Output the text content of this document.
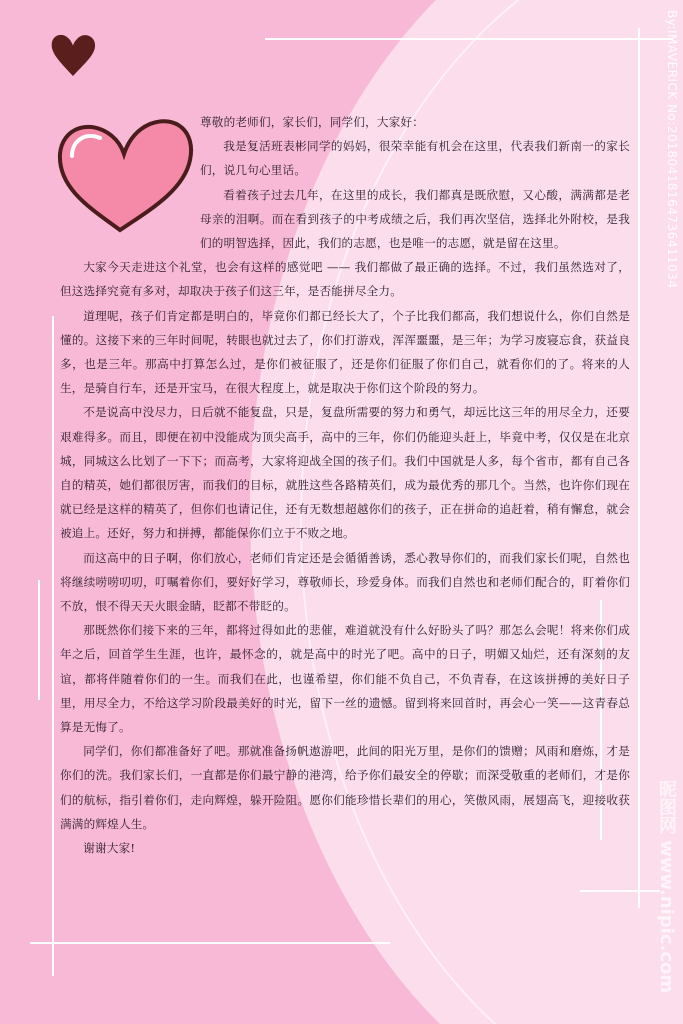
尊敬的老师们，家长们，同学们，大家好：

我是复活班表彬同学的妈妈，很荣幸能有机会在这里，代表我们新南一的家长们，说几句心里话。

看着孩子过去几年，在这里的成长，我们都真是既欣慰，又心酸，满满都是老母亲的泪啊。而在看到孩子的中考成绩之后，我们再次坚信，选择北外附校，是我们的明智选择，因此，我们的志愿，也是唯一的志愿，就是留在这里。

大家今天走进这个礼堂，也会有这样的感觉吧 —— 我们都做了最正确的选择。不过，我们虽然选对了，但这选择究竟有多对，却取决于孩子们这三年，是否能拼尽全力。

道理呢，孩子们肯定都是明白的，毕竟你们都已经长大了，个子比我们都高，我们想说什么，你们自然是懂的。这接下来的三年时间呢，转眼也就过去了，你们打游戏，浑浑噩噩，是三年；为学习废寝忘食，获益良多，也是三年。那高中打算怎么过，是你们被征服了，还是你们征服了你们自己，就看你们的了。将来的人生，是骑自行车，还是开宝马，在很大程度上，就是取决于你们这个阶段的努力。

不是说高中没尽力，日后就不能复盘，只是，复盘所需要的努力和勇气，却远比这三年的用尽全力，还要艰难得多。而且，即便在初中没能成为顶尖高手，高中的三年，你们仍能迎头赶上，毕竟中考，仅仅是在北京城，同城这么比划了一下下；而高考，大家将迎战全国的孩子们。我们中国就是人多，每个省市，都有自己各自的精英，她们都很厉害，而我们的目标，就胜这些各路精英们，成为最优秀的那几个。当然，也许你们现在就已经是这样的精英了，但你们也请记住，还有无数想超越你们的孩子，正在拼命的追赶着，稍有懈怠，就会被追上。还好，努力和拼搏，都能保你们立于不败之地。

而这高中的日子啊，你们放心，老师们肯定还是会循循善诱，悉心教导你们的，而我们家长们呢，自然也将继续唠唠叨叨，叮嘱着你们，要好好学习，尊敬师长，珍爱身体。而我们自然也和老师们配合的，盯着你们不放，恨不得天天火眼金睛，眨都不带眨的。

那既然你们接下来的三年，都将过得如此的悲催，难道就没有什么好盼头了吗？那怎么会呢！将来你们成年之后，回首学生生涯，也许，最怀念的，就是高中的时光了吧。高中的日子，明媚又灿烂，还有深刻的友谊，都将伴随着你们的一生。而我们在此，也谨希望，你们能不负自己，不负青春，在这该拼搏的美好日子里，用尽全力，不给这学习阶段最美好的时光，留下一丝的遗憾。留到将来回首时，再会心一笑——这青春总算是无悔了。

同学们，你们都准备好了吧。那就准备扬帆遨游吧，此间的阳光万里，是你们的馈赠；风雨和磨炼，才是你们的洗。我们家长们，一直都是你们最宁静的港湾，给予你们最安全的停歇；而深受敬重的老师们，才是你们的航标，指引着你们，走向辉煌，躲开险阻。愿你们能珍惜长辈们的用心，笑傲风雨，展翅高飞，迎接收获满满的辉煌人生。

谢谢大家!

By:IMAVERICK No:20180418164736411034
昵图网 www.nipic.com
